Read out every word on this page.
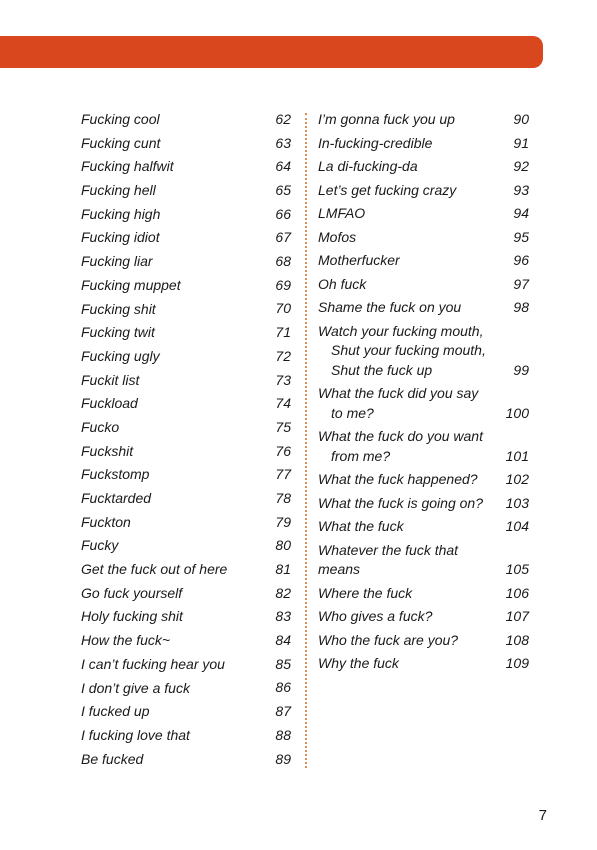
Fucking cool	62
Fucking cunt	63
Fucking halfwit	64
Fucking hell	65
Fucking high	66
Fucking idiot	67
Fucking liar	68
Fucking muppet	69
Fucking shit	70
Fucking twit	71
Fucking ugly	72
Fuckit list	73
Fuckload	74
Fucko	75
Fuckshit	76
Fuckstomp	77
Fucktarded	78
Fuckton	79
Fucky	80
Get the fuck out of here	81
Go fuck yourself	82
Holy fucking shit	83
How the fuck~	84
I can’t fucking hear you	85
I don’t give a fuck	86
I fucked up	87
I fucking love that	88
Be fucked	89
I’m gonna fuck you up	90
In-fucking-credible	91
La di-fucking-da	92
Let’s get fucking crazy	93
LMFAO	94
Mofos	95
Motherfucker	96
Oh fuck	97
Shame the fuck on you	98
Watch your fucking mouth,
Shut your fucking mouth,
Shut the fuck up	99
What the fuck did you say
to me?	100
What the fuck do you want
from me?	101
What the fuck happened?	102
What the fuck is going on?	103
What the fuck	104
Whatever the fuck that means	105
Where the fuck	106
Who gives a fuck?	107
Who the fuck are you?	108
Why the fuck	109
7
